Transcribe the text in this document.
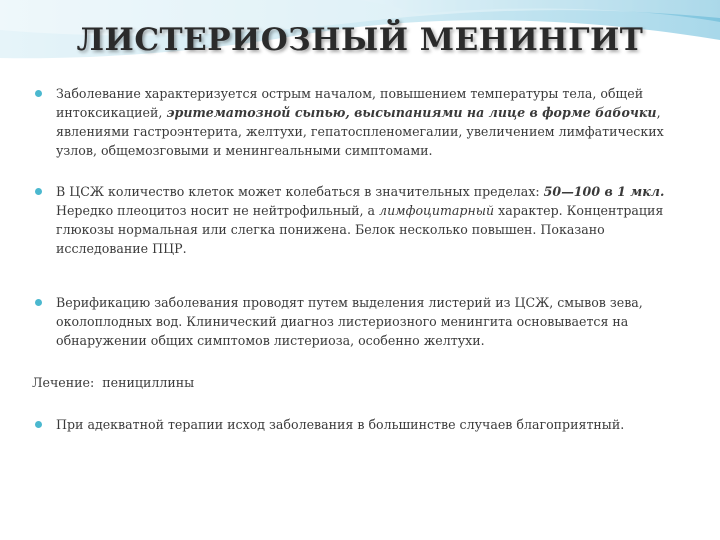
ЛИСТЕРИОЗНЫЙ МЕНИНГИТ
Заболевание характеризуется острым началом, повышением температуры тела, общей интоксикацией, эритематозной сыпью, высыпаниями на лице в форме бабочки, явлениями гастроэнтерита, желтухи, гепатоспленомегалии, увеличением лимфатических узлов, общемозговыми и менингеальными симптомами.
В ЦСЖ количество клеток может колебаться в значительных пределах: 50—100 в 1 мкл. Нередко плеоцитоз носит не нейтрофильный, а лимфоцитарный характер. Концентрация глюкозы нормальная или слегка понижена. Белок несколько повышен. Показано исследование ПЦР.
Верификацию заболевания проводят путем выделения листерий из ЦСЖ, смывов зева, околоплодных вод. Клинический диагноз листериозного менингита основывается на обнаружении общих симптомов листериоза, особенно желтухи.
Лечение:  пенициллины
При адекватной терапии исход заболевания в большинстве случаев благоприятный.
